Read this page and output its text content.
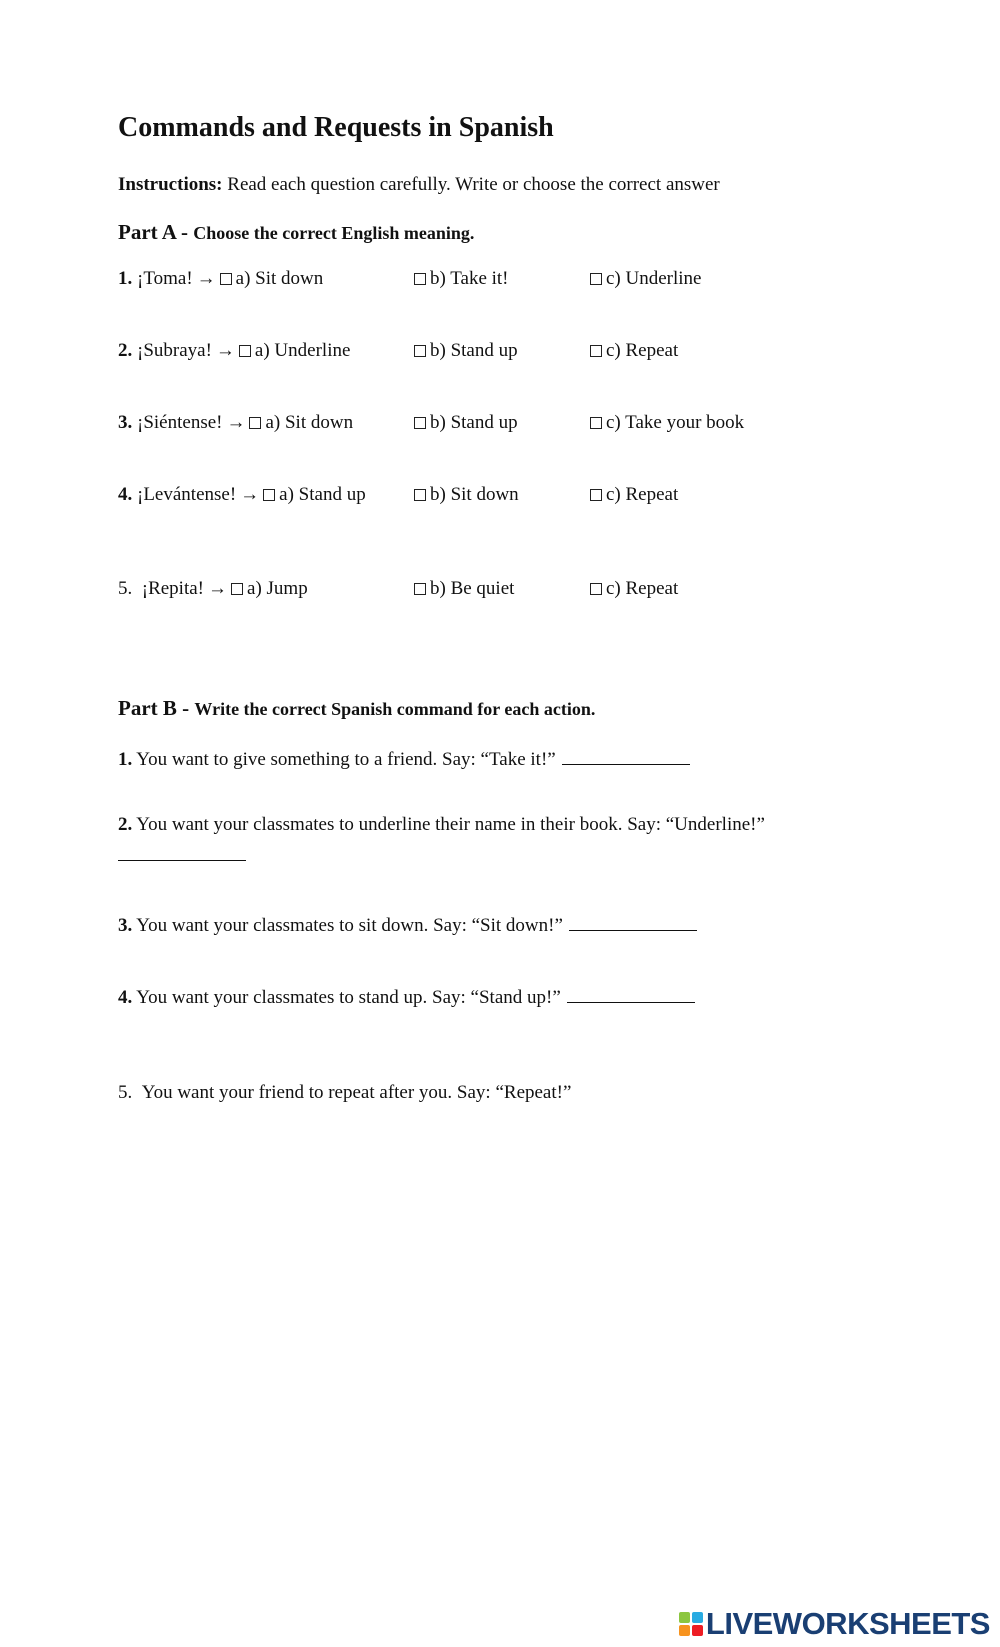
Commands and Requests in Spanish
Instructions: Read each question carefully. Write or choose the correct answer
Part A - Choose the correct English meaning.
1. ¡Toma! → a) Sit down	b) Take it!	c) Underline
2. ¡Subraya! → a) Underline	b) Stand up	c) Repeat
3. ¡Siéntense! → a) Sit down	b) Stand up	c) Take your book
4. ¡Levántense! → a) Stand up	b) Sit down	c) Repeat
5. ¡Repita! → a) Jump	b) Be quiet	c) Repeat
Part B - Write the correct Spanish command for each action.
1. You want to give something to a friend. Say: “Take it!”
2. You want your classmates to underline their name in their book. Say: “Underline!”
3. You want your classmates to sit down. Say: “Sit down!”
4. You want your classmates to stand up. Say: “Stand up!”
5. You want your friend to repeat after you. Say: “Repeat!”
LIVEWORKSHEETS
